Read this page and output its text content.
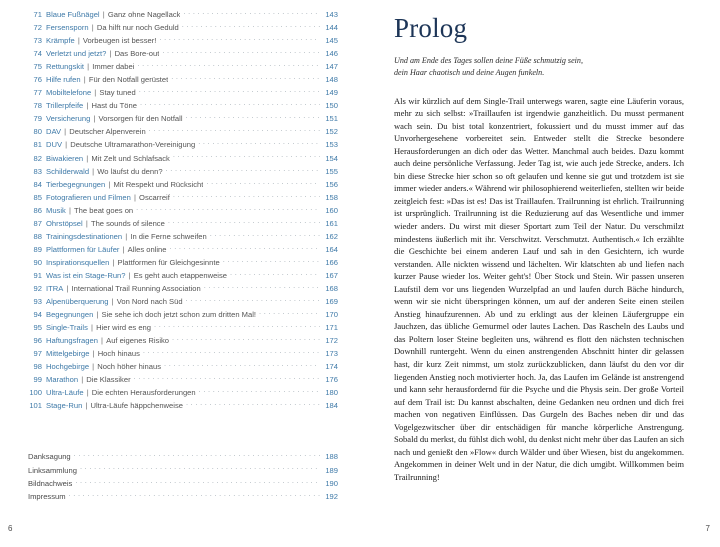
71 Blaue Fußnägel | Ganz ohne Nagellack . . .	143
72 Fersensporn | Da hilft nur noch Geduld . . .	144
73 Krämpfe | Vorbeugen ist besser! . . .	145
74 Verletzt und jetzt? | Das Bore-out . . .	146
75 Rettungskit | Immer dabei . . .	147
76 Hilfe rufen | Für den Notfall gerüstet . . .	148
77 Mobiltelefone | Stay tuned . . .	149
78 Trillerpfeife | Hast du Töne . . .	150
79 Versicherung | Vorsorgen für den Notfall . . .	151
80 DAV | Deutscher Alpenverein . . .	152
81 DUV | Deutsche Ultramarathon-Vereinigung . . .	153
82 Biwakieren | Mit Zelt und Schlafsack . . .	154
83 Schilderwald | Wo läufst du denn? . . .	155
84 Tierbegegnungen | Mit Respekt und Rücksicht . . .	156
85 Fotografieren und Filmen | Oscarreif . . .	158
86 Musik | The beat goes on . . .	160
87 Ohrstöpsel | The sounds of silence . . .	161
88 Trainingsdestinationen | In die Ferne schweifen . . .	162
89 Plattformen für Läufer | Alles online . . .	164
90 Inspirationsquellen | Plattformen für Gleichgesinnte . . .	166
91 Was ist ein Stage-Run? | Es geht auch etappenweise . . .	167
92 ITRA | International Trail Running Association . . .	168
93 Alpenüberquerung | Von Nord nach Süd . . .	169
94 Begegnungen | Sie sehe ich doch jetzt schon zum dritten Mal! . . .	170
95 Single-Trails | Hier wird es eng . . .	171
96 Haftungsfragen | Auf eigenes Risiko . . .	172
97 Mittelgebirge | Hoch hinaus . . .	173
98 Hochgebirge | Noch höher hinaus . . .	174
99 Marathon | Die Klassiker . . .	176
100 Ultra-Läufe | Die echten Herausforderungen . . .	180
101 Stage-Run | Ultra-Läufe häppchenweise . . .	184
Danksagung . . .	188
Linksammlung . . .	189
Bildnachweis . . .	190
Impressum . . .	192
6
Prolog
Und am Ende des Tages sollen deine Füße schmutzig sein,
dein Haar chaotisch und deine Augen funkeln.

Als wir kürzlich auf dem Single-Trail unterwegs waren, sagte eine Läuferin voraus, mehr zu sich selbst: »Traillaufen ist irgendwie ganzheitlich. Du musst permanent wach sein. Du bist total konzentriert, fokussiert und du musst immer auf das Unvorhergesehene vorbereitet sein. Entweder stellt die Strecke besondere Herausforderungen an dich oder das Wetter. Manchmal auch beides. Dazu kommt auch deine persönliche Verfassung. Jeder Tag ist, wie auch jede Strecke, anders. Ich bin diese Strecke hier schon so oft gelaufen und kenne sie gut und trotzdem ist sie immer wieder anders.« Während wir philosophierend weiterliefen, stellten wir beide zeitgleich fest: »Das ist es! Das ist Traillaufen. Trailrunning ist ehrlich. Trailrunning ist ursprünglich. Trailrunning ist die Reduzierung auf das Wesentliche und immer wieder anders. Du wirst mit dieser Sportart zum Teil der Natur. Du verschmilzt mindestens äußerlich mit ihr. Verschwitzt. Verschmutzt. Authentisch.« Ich erzählte die Geschichte bei einem anderen Lauf und sah in den Gesichtern, ich wurde verstanden. Alle nickten wissend und lächelten. Wir klatschten ab und liefen nach kurzer Pause wieder los. Weiter geht's! Über Stock und Stein. Wir passen unseren Laufstil dem vor uns liegenden Wurzelpfad an und laufen durch Bäche hindurch, wenn wir sie nicht überspringen können, um auf der anderen Seite einen steilen Anstieg hinaufzurennen. Ab und zu erklingt aus der kleinen Läufergruppe ein Jauchzen, das übliche Gemurmel oder lautes Lachen. Das Rascheln des Laubs und das Poltern loser Steine begleiten uns, während es flott den nächsten technischen Downhill runtergeht. Wenn du einen anstrengenden Abschnitt hinter dir gelassen hast, dir kurz Zeit nimmst, um stolz zurückzublicken, dann läufst du den vor dir liegenden Anstieg noch motivierter hoch. Ja, das Laufen im Gelände ist anstrengend und kann sehr herausfordernd für die Psyche und die Physis sein. Der große Vorteil auf dem Trail ist: Du kannst abschalten, deine Gedanken neu ordnen und dich frei machen von negativen Einflüssen. Das Gurgeln des Baches neben dir und das Vogelgezwitscher über dir entschädigen für manche körperliche Anstrengung. Sobald du merkst, du fühlst dich wohl, du denkst nicht mehr über das Laufen an sich nach und genießt den »Flow« durch Wälder und über Wiesen, bist du angekommen. Angekommen in deiner Welt und in der Natur, die dich umgibt. Willkommen beim Trailrunning!

7
